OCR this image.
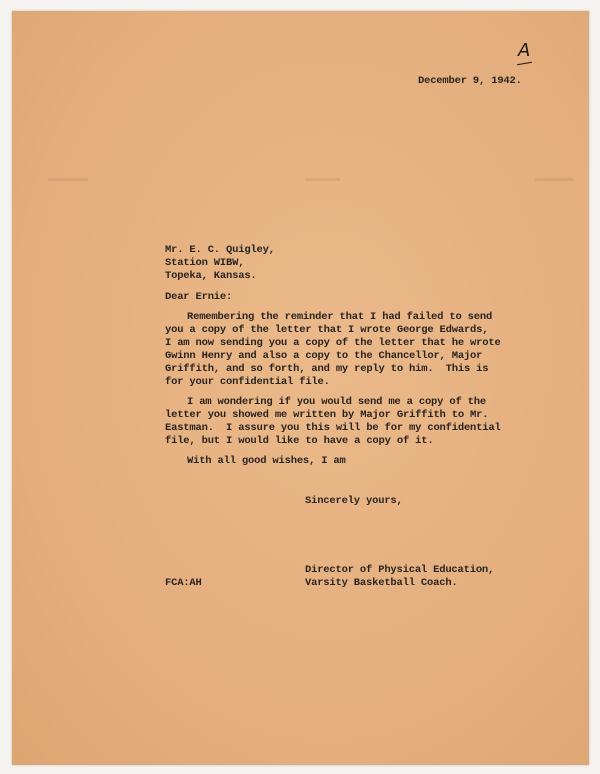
A
December 9, 1942.
Mr. E. C. Quigley,
Station WIBW,
Topeka, Kansas.
Dear Ernie:
Remembering the reminder that I had failed to send
you a copy of the letter that I wrote George Edwards,
I am now sending you a copy of the letter that he wrote
Gwinn Henry and also a copy to the Chancellor, Major
Griffith, and so forth, and my reply to him.  This is
for your confidential file.
I am wondering if you would send me a copy of the
letter you showed me written by Major Griffith to Mr.
Eastman.  I assure you this will be for my confidential
file, but I would like to have a copy of it.
With all good wishes, I am
Sincerely yours,
Director of Physical Education,
Varsity Basketball Coach.
FCA:AH
